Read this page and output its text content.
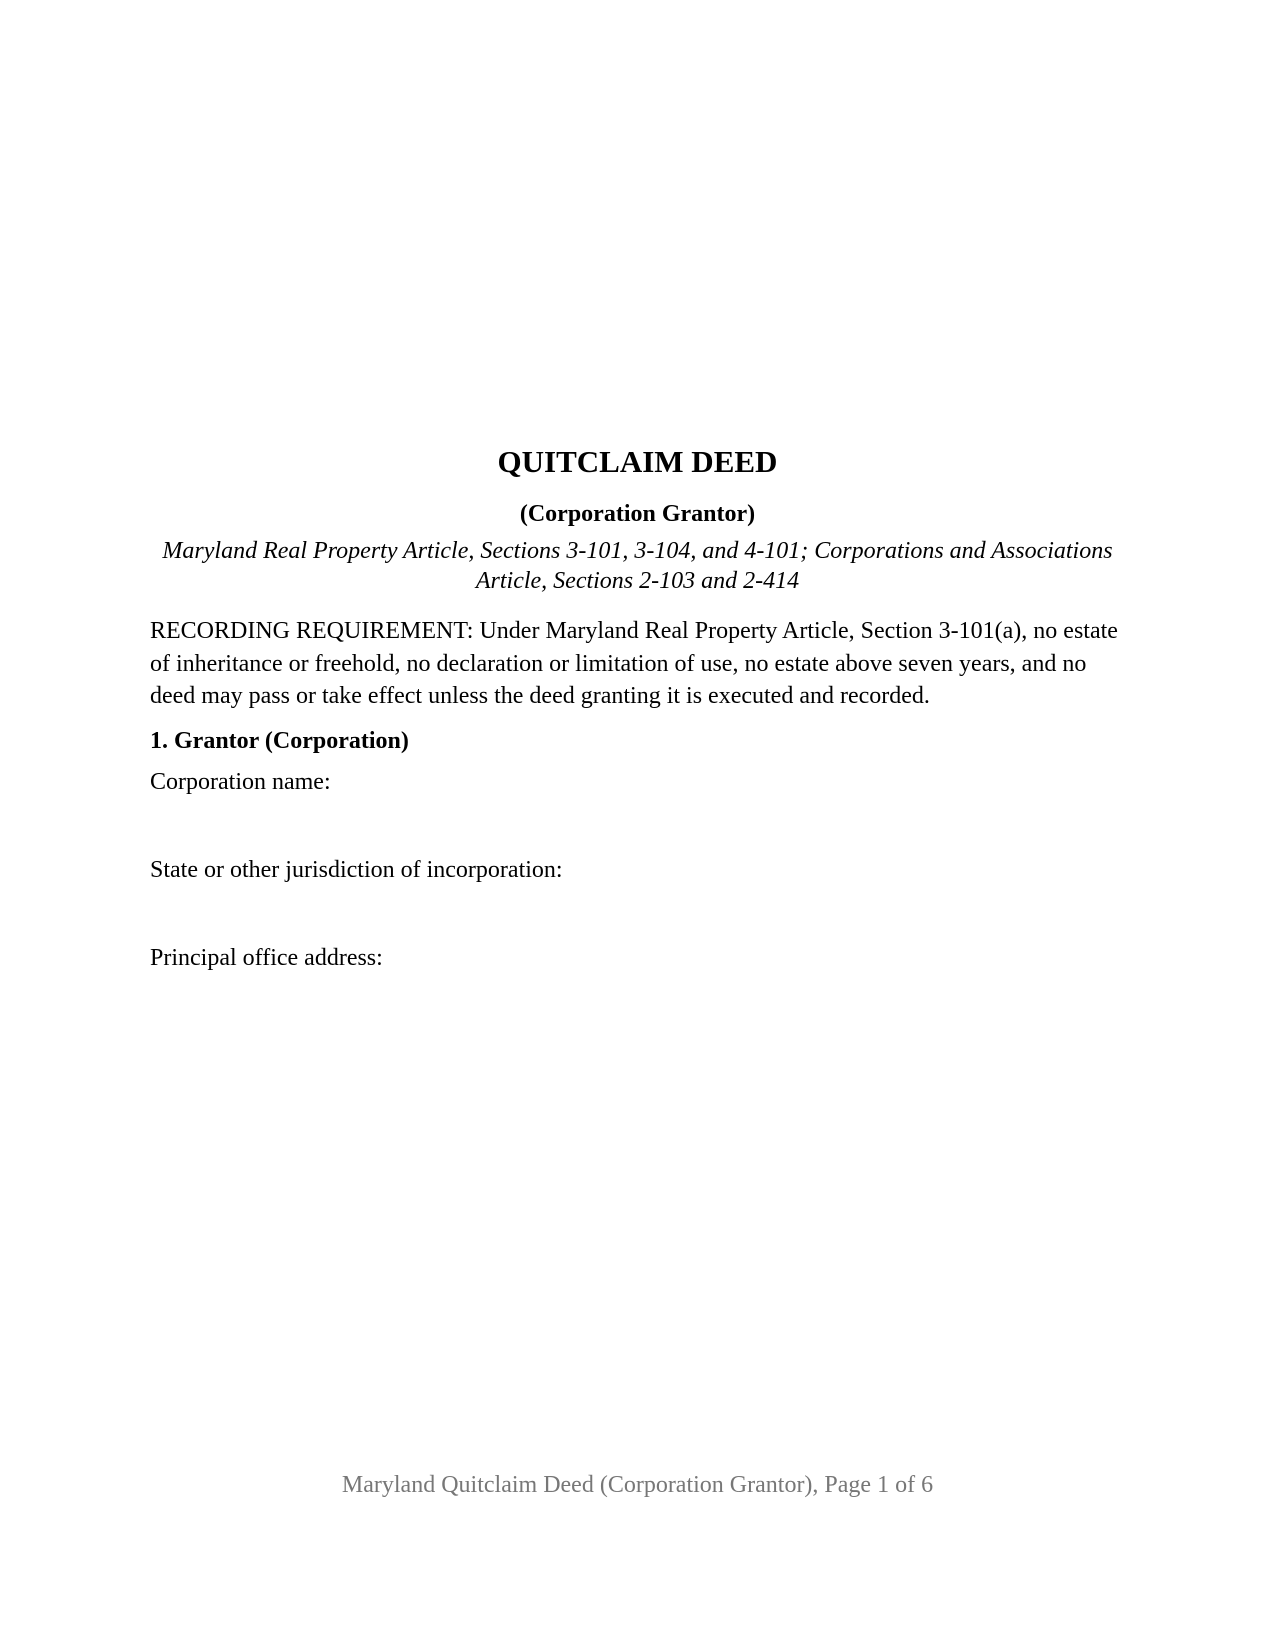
QUITCLAIM DEED
(Corporation Grantor)
Maryland Real Property Article, Sections 3-101, 3-104, and 4-101; Corporations and Associations Article, Sections 2-103 and 2-414
RECORDING REQUIREMENT: Under Maryland Real Property Article, Section 3-101(a), no estate of inheritance or freehold, no declaration or limitation of use, no estate above seven years, and no deed may pass or take effect unless the deed granting it is executed and recorded.
1. Grantor (Corporation)
Corporation name:
State or other jurisdiction of incorporation:
Principal office address:
Maryland Quitclaim Deed (Corporation Grantor), Page 1 of 6
